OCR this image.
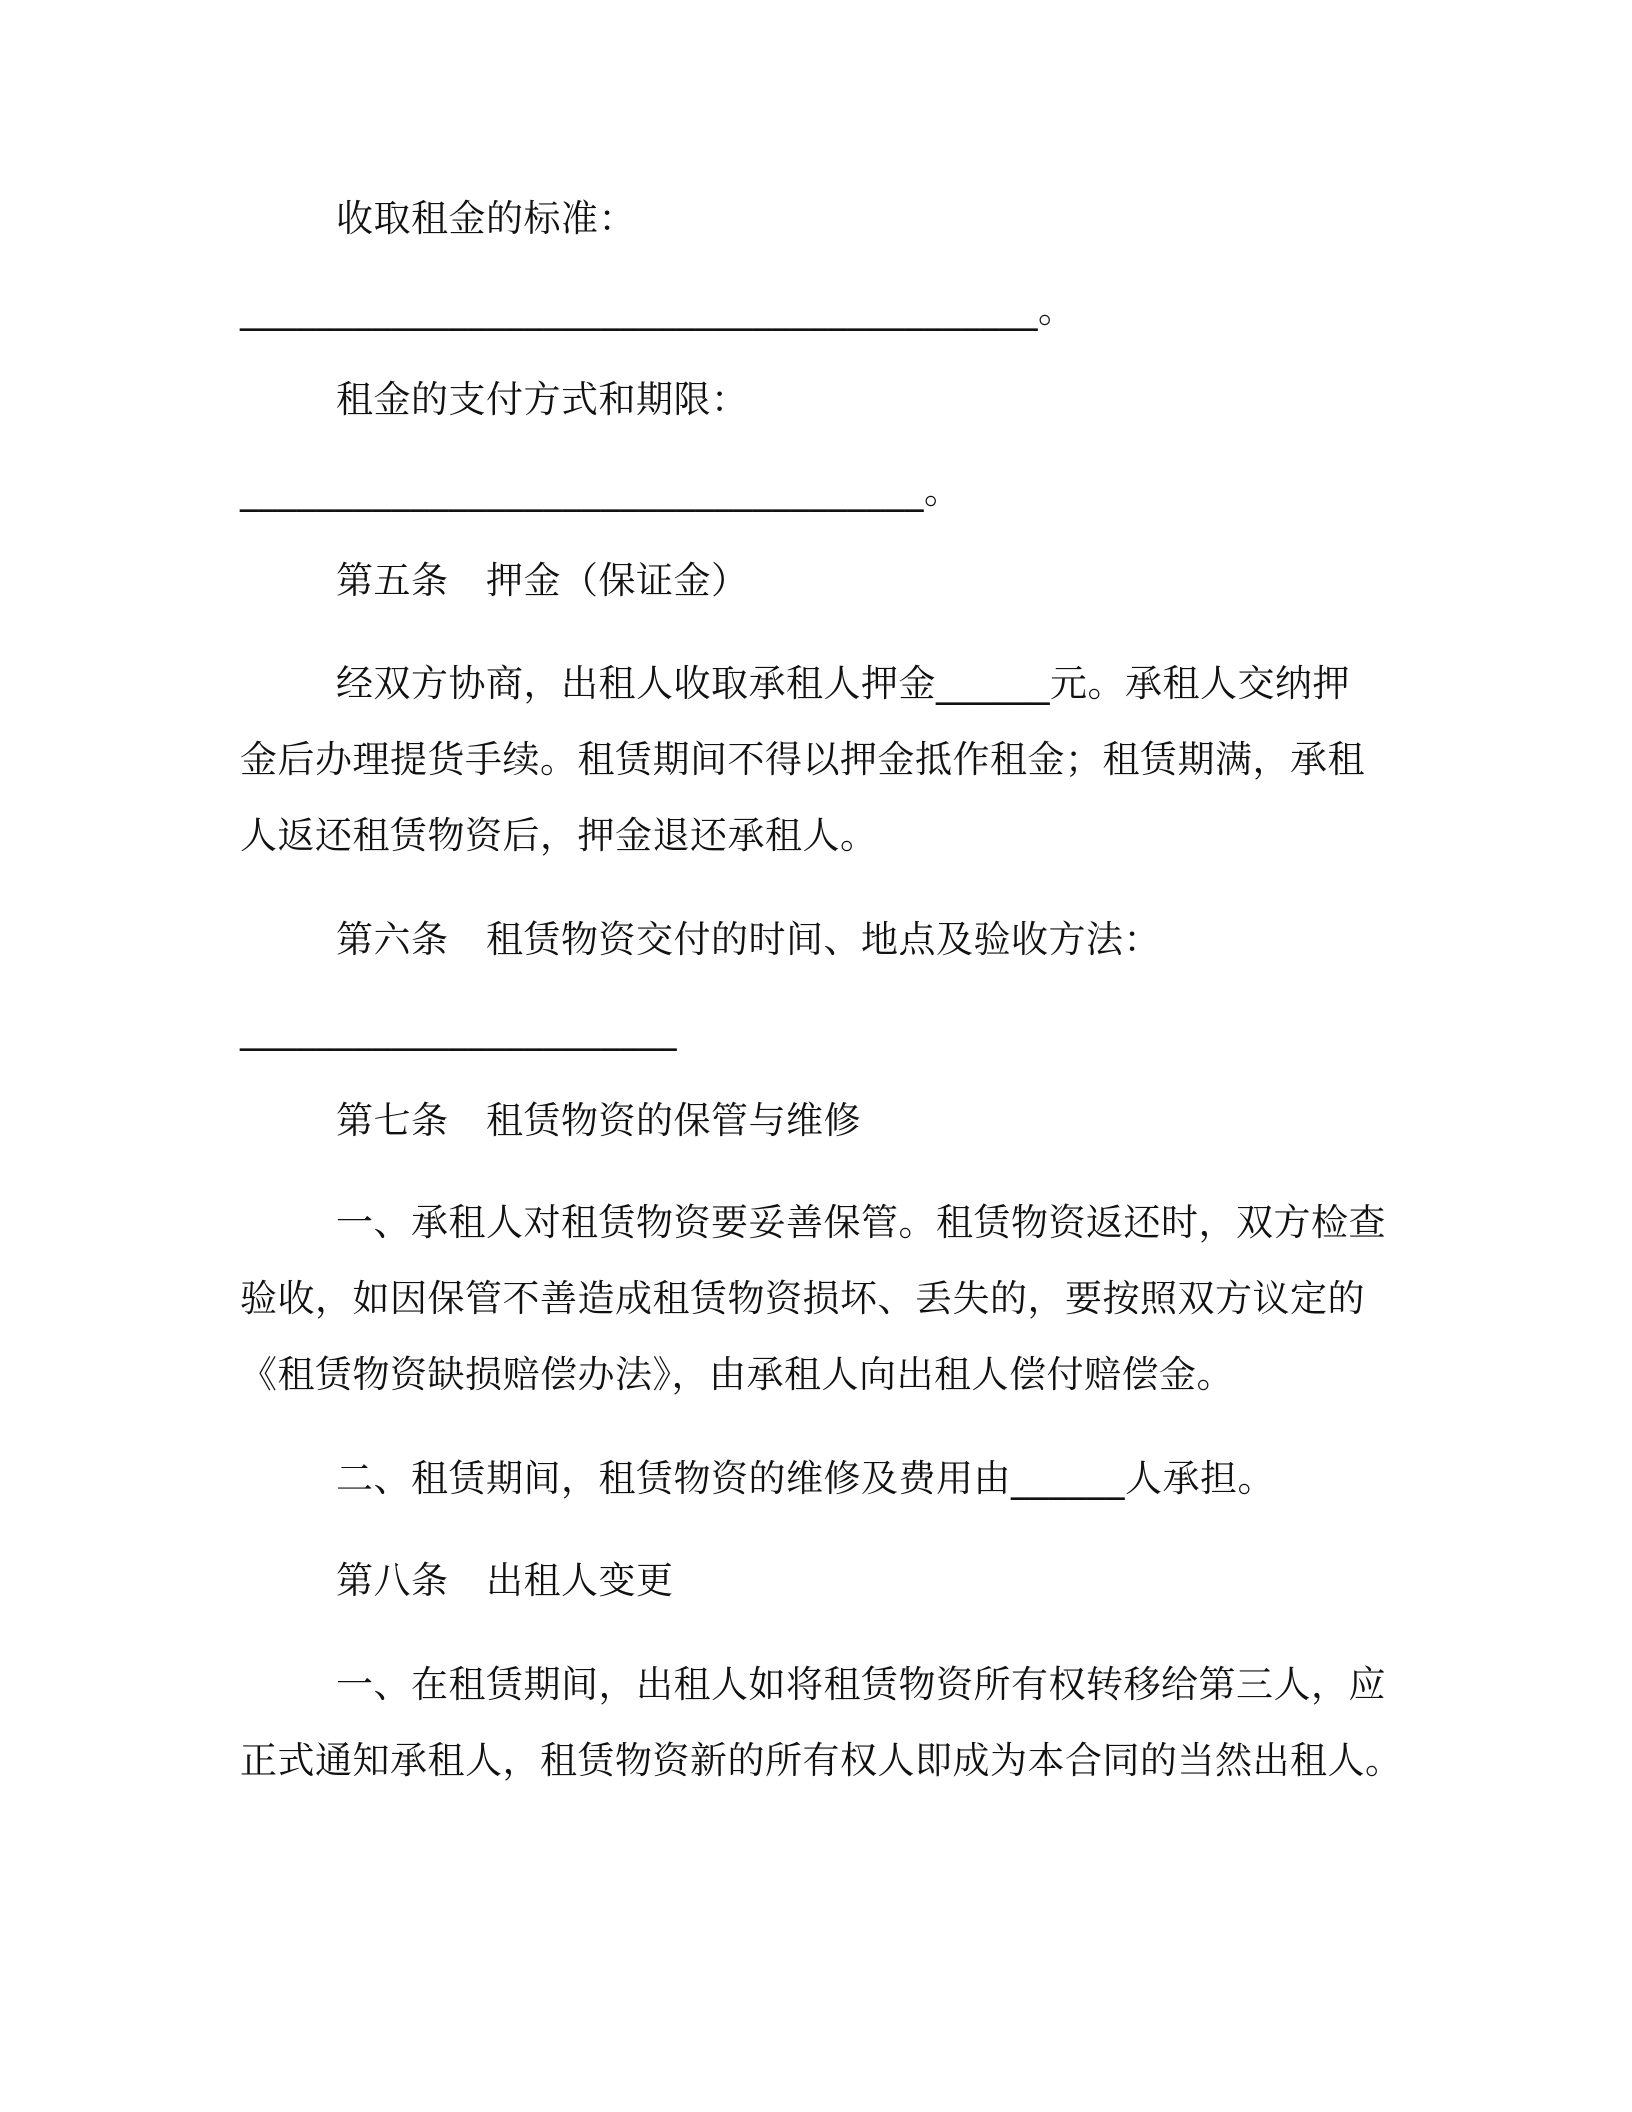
收取租金的标准：

__________________________________________。

租金的支付方式和期限：

____________________________________。

第五条　押金（保证金）

经双方协商，出租人收取承租人押金______元。承租人交纳押

金后办理提货手续。租赁期间不得以押金抵作租金；租赁期满，承租

人返还租赁物资后，押金退还承租人。

第六条　租赁物资交付的时间、地点及验收方法：

_______________________

第七条　租赁物资的保管与维修

一、承租人对租赁物资要妥善保管。租赁物资返还时，双方检查

验收，如因保管不善造成租赁物资损坏、丢失的，要按照双方议定的

《租赁物资缺损赔偿办法》，由承租人向出租人偿付赔偿金。

二、租赁期间，租赁物资的维修及费用由______人承担。

第八条　出租人变更

一、在租赁期间，出租人如将租赁物资所有权转移给第三人，应

正式通知承租人，租赁物资新的所有权人即成为本合同的当然出租人。
